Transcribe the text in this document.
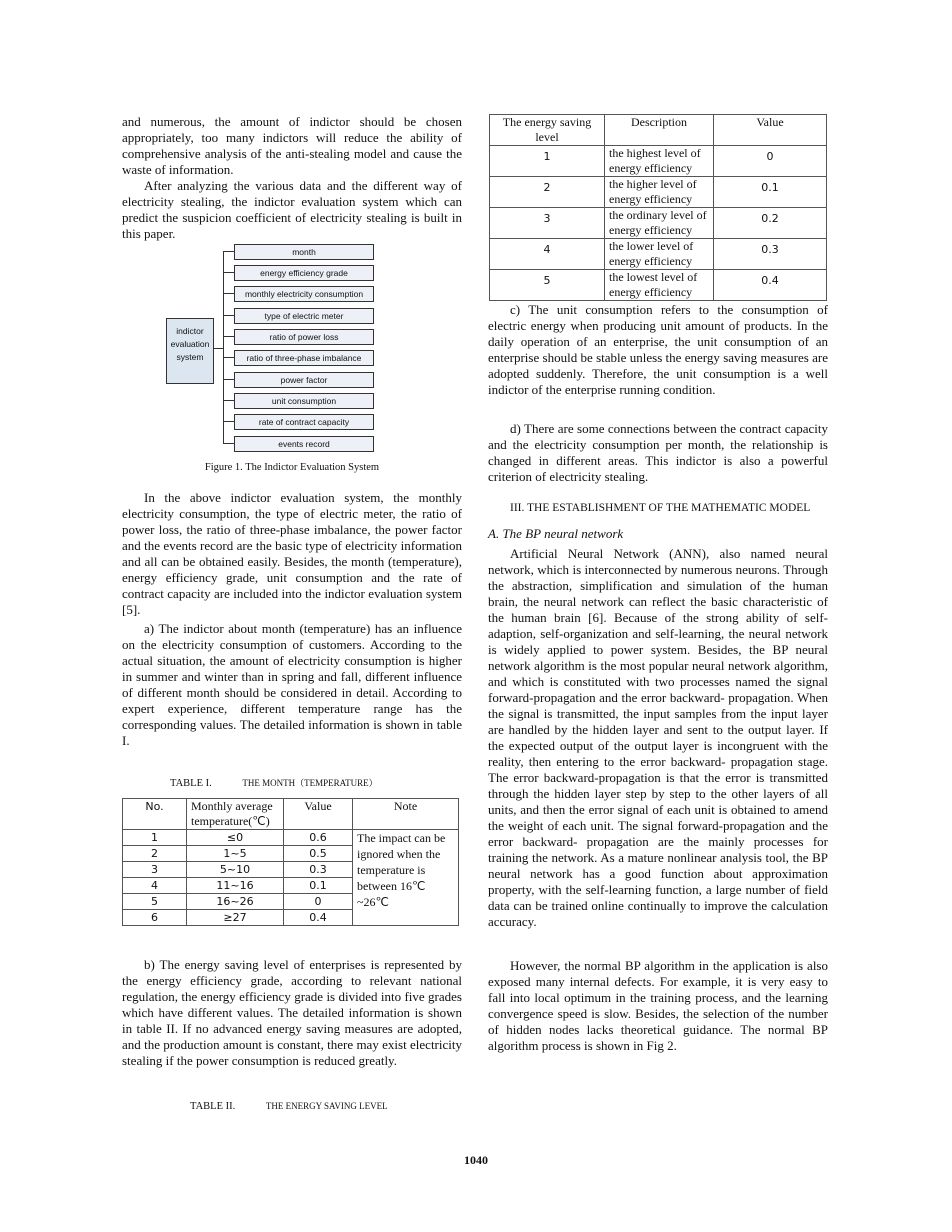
and numerous, the amount of indictor should be chosen appropriately, too many indictors will reduce the ability of comprehensive analysis of the anti-stealing model and cause the waste of information.

After analyzing the various data and the different way of electricity stealing, the indictor evaluation system which can predict the suspicion coefficient of electricity stealing is built in this paper.

indictor evaluation system
month
energy efficiency grade
monthly electricity consumption
type of electric meter
ratio of power loss
ratio of three-phase imbalance
power factor
unit consumption
rate of contract capacity
events record
Figure 1. The Indictor Evaluation System

In the above indictor evaluation system, the monthly electricity consumption, the type of electric meter, the ratio of power loss, the ratio of three-phase imbalance, the power factor and the events record are the basic type of electricity information and all can be obtained easily. Besides, the month (temperature), energy efficiency grade, unit consumption and the rate of contract capacity are included into the indictor evaluation system [5].

a) The indictor about month (temperature) has an influence on the electricity consumption of customers. According to the actual situation, the amount of electricity consumption is higher in summer and winter than in spring and fall, different influence of different month should be considered in detail. According to expert experience, different temperature range has the corresponding values. The detailed information is shown in table I.

TABLE I.	THE MONTH（TEMPERATURE）
No.	Monthly average temperature(℃)	Value	Note
1	≤0	0.6	The impact can be ignored when the temperature is between 16℃ ~26℃
2	1~5	0.5	
3	5~10	0.3	
4	11~16	0.1	
5	16~26	0	
6	≥27	0.4	

b) The energy saving level of enterprises is represented by the energy efficiency grade, according to relevant national regulation, the energy efficiency grade is divided into five grades which have different values. The detailed information is shown in table II. If no advanced energy saving measures are adopted, and the production amount is constant, there may exist electricity stealing if the power consumption is reduced greatly.

TABLE II.	THE ENERGY SAVING LEVEL
The energy saving level	Description	Value
1	the highest level of energy efficiency	0
2	the higher level of energy efficiency	0.1
3	the ordinary level of energy efficiency	0.2
4	the lower level of energy efficiency	0.3
5	the lowest level of energy efficiency	0.4

c) The unit consumption refers to the consumption of electric energy when producing unit amount of products. In the daily operation of an enterprise, the unit consumption of an enterprise should be stable unless the energy saving measures are adopted suddenly. Therefore, the unit consumption is a well indictor of the enterprise running condition.

d) There are some connections between the contract capacity and the electricity consumption per month, the relationship is changed in different areas. This indictor is also a powerful criterion of electricity stealing.

III. THE ESTABLISHMENT OF THE MATHEMATIC MODEL
A. The BP neural network

Artificial Neural Network (ANN), also named neural network, which is interconnected by numerous neurons. Through the abstraction, simplification and simulation of the human brain, the neural network can reflect the basic characteristic of the human brain [6]. Because of the strong ability of self-adaption, self-organization and self-learning, the neural network is widely applied to power system. Besides, the BP neural network algorithm is the most popular neural network algorithm, and which is constituted with two processes named the signal forward-propagation and the error backward- propagation. When the signal is transmitted, the input samples from the input layer are handled by the hidden layer and sent to the output layer. If the expected output of the output layer is incongruent with the reality, then entering to the error backward- propagation stage. The error backward-propagation is that the error is transmitted through the hidden layer step by step to the other layers of all units, and then the error signal of each unit is obtained to amend the weight of each unit. The signal forward-propagation and the error backward- propagation are the mainly processes for training the network. As a mature nonlinear analysis tool, the BP neural network has a good function about approximation property, with the self-learning function, a large number of field data can be trained online continually to improve the calculation accuracy.

However, the normal BP algorithm in the application is also exposed many internal defects. For example, it is very easy to fall into local optimum in the training process, and the learning convergence speed is slow. Besides, the selection of the number of hidden nodes lacks theoretical guidance. The normal BP algorithm process is shown in Fig 2.

1040
